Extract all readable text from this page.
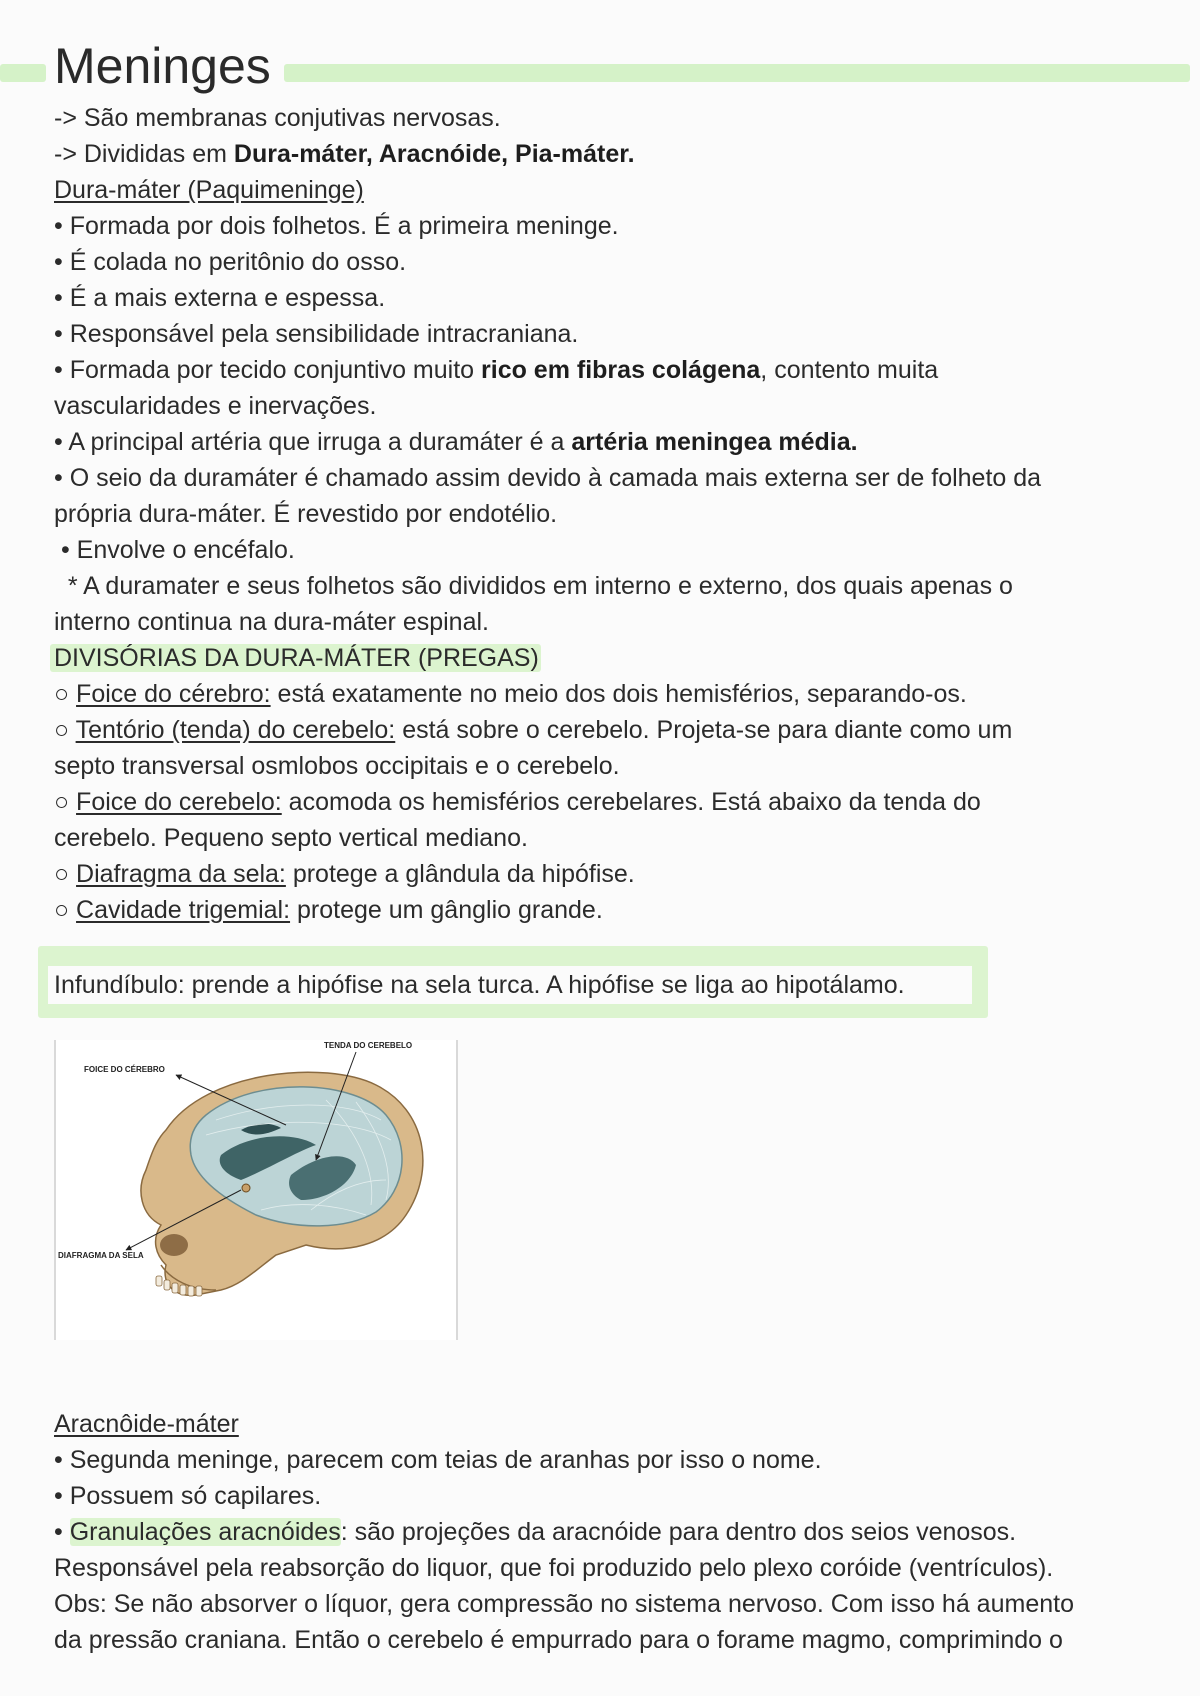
Meninges
-> São membranas conjutivas nervosas.
-> Divididas em Dura-máter, Aracnóide, Pia-máter.
Dura-máter (Paquimeninge)
• Formada por dois folhetos. É a primeira meninge.
• É colada no peritônio do osso.
• É a mais externa e espessa.
• Responsável pela sensibilidade intracraniana.
• Formada por tecido conjuntivo muito rico em fibras colágena, contento muita
vascularidades e inervações.
• A principal artéria que irruga a duramáter é a artéria meningea média.
• O seio da duramáter é chamado assim devido à camada mais externa ser de folheto da
própria dura-máter. É revestido por endotélio.
• Envolve o encéfalo.
* A duramater e seus folhetos são divididos em interno e externo, dos quais apenas o
interno continua na dura-máter espinal.
DIVISÓRIAS DA DURA-MÁTER (PREGAS)
○ Foice do cérebro: está exatamente no meio dos dois hemisférios, separando-os.
○ Tentório (tenda) do cerebelo: está sobre o cerebelo. Projeta-se para diante como um
septo transversal osmlobos occipitais e o cerebelo.
○ Foice do cerebelo: acomoda os hemisférios cerebelares. Está abaixo da tenda do
cerebelo. Pequeno septo vertical mediano.
○ Diafragma da sela: protege a glândula da hipófise.
○ Cavidade trigemial: protege um gânglio grande.
Infundíbulo: prende a hipófise na sela turca. A hipófise se liga ao hipotálamo.
TENDA DO CEREBELO
FOICE DO CÉREBRO
DIAFRAGMA DA SELA
Aracnôide-máter
• Segunda meninge, parecem com teias de aranhas por isso o nome.
• Possuem só capilares.
• Granulações aracnóides: são projeções da aracnóide para dentro dos seios venosos.
Responsável pela reabsorção do liquor, que foi produzido pelo plexo coróide (ventrículos).
Obs: Se não absorver o líquor, gera compressão no sistema nervoso. Com isso há aumento
da pressão craniana. Então o cerebelo é empurrado para o forame magmo, comprimindo o
